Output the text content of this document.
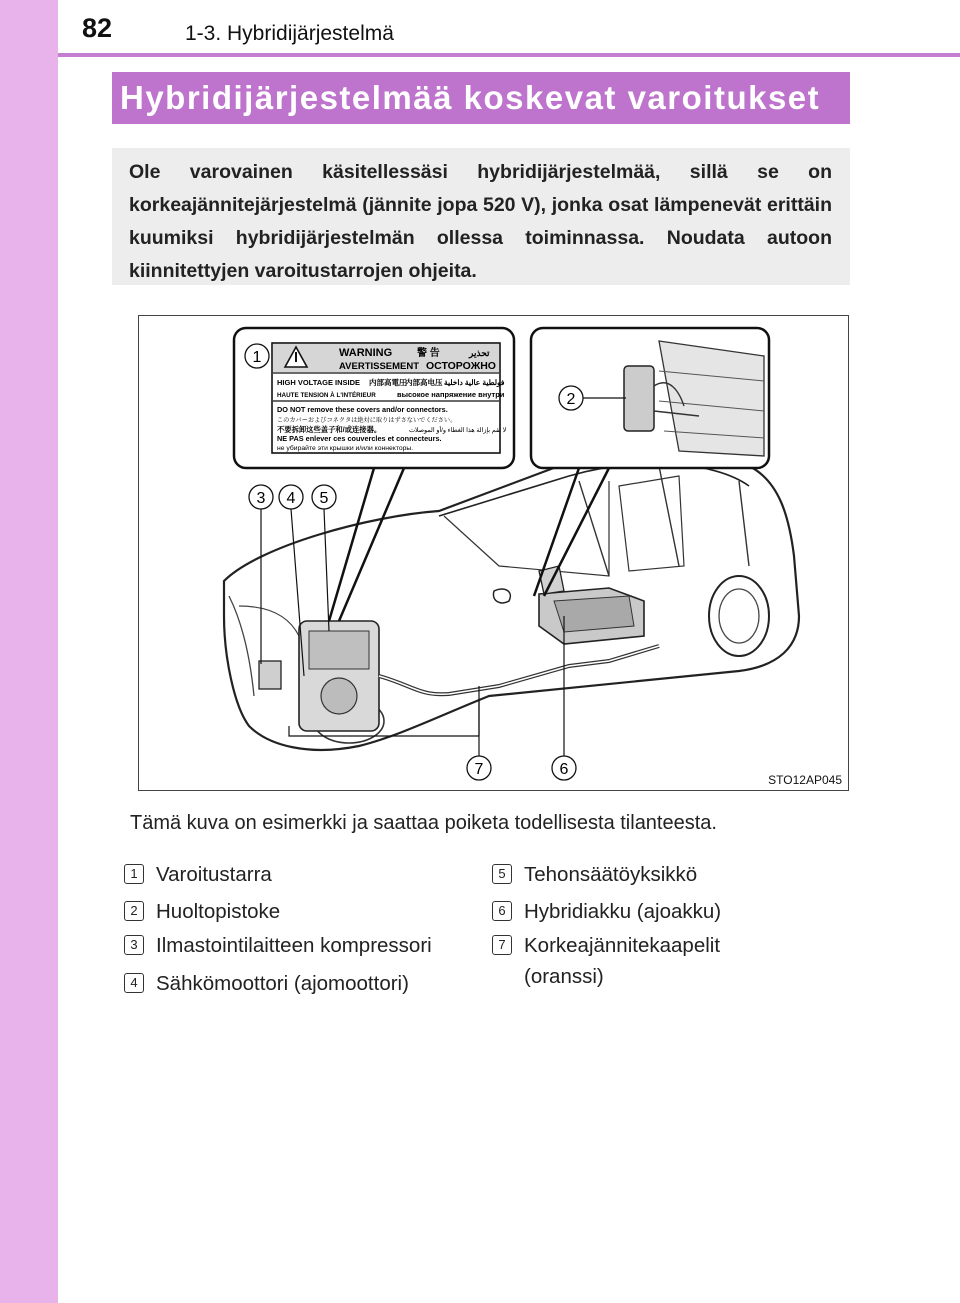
82	1-3. Hybridijärjestelmä
Hybridijärjestelmää koskevat varoitukset
Ole varovainen käsitellessäsi hybridijärjestelmää, sillä se on korkeajännitejärjestelmä (jännite jopa 520 V), jonka osat lämpenevät erittäin kuumiksi hybridijärjestelmän ollessa toiminnassa. Noudata autoon kiinnitettyjen varoitustarrojen ohjeita.
WARNING 警 告	تحذير
AVERTISSEMENT ОСТОРОЖНО
HIGH VOLTAGE INSIDE 内部高電圧
内部高电压 فولطية عالية داخلية
HAUTE TENSION À L'INTÉRIEUR	высокое напряжение внутри
DO NOT remove these covers and/or connectors.
このカバーおよびコネクタは絶対に取りはずさないでください。
不要拆卸这些盖子和/或连接器。	لا تقم بإزالة هذا الغطاء و/أو الموصلات
NE PAS enlever ces couvercles et connecteurs.
не убирайте эти крышки и/или коннекторы.
1
2
3 4 5
6
7
STO12AP045
Tämä kuva on esimerkki ja saattaa poiketa todellisesta tilanteesta.
1 Varoitustarra
2 Huoltopistoke
3 Ilmastointilaitteen kompressori
4 Sähkömoottori (ajomoottori)
5 Tehonsäätöyksikkö
6 Hybridiakku (ajoakku)
7 Korkeajännitekaapelit
(oranssi)
